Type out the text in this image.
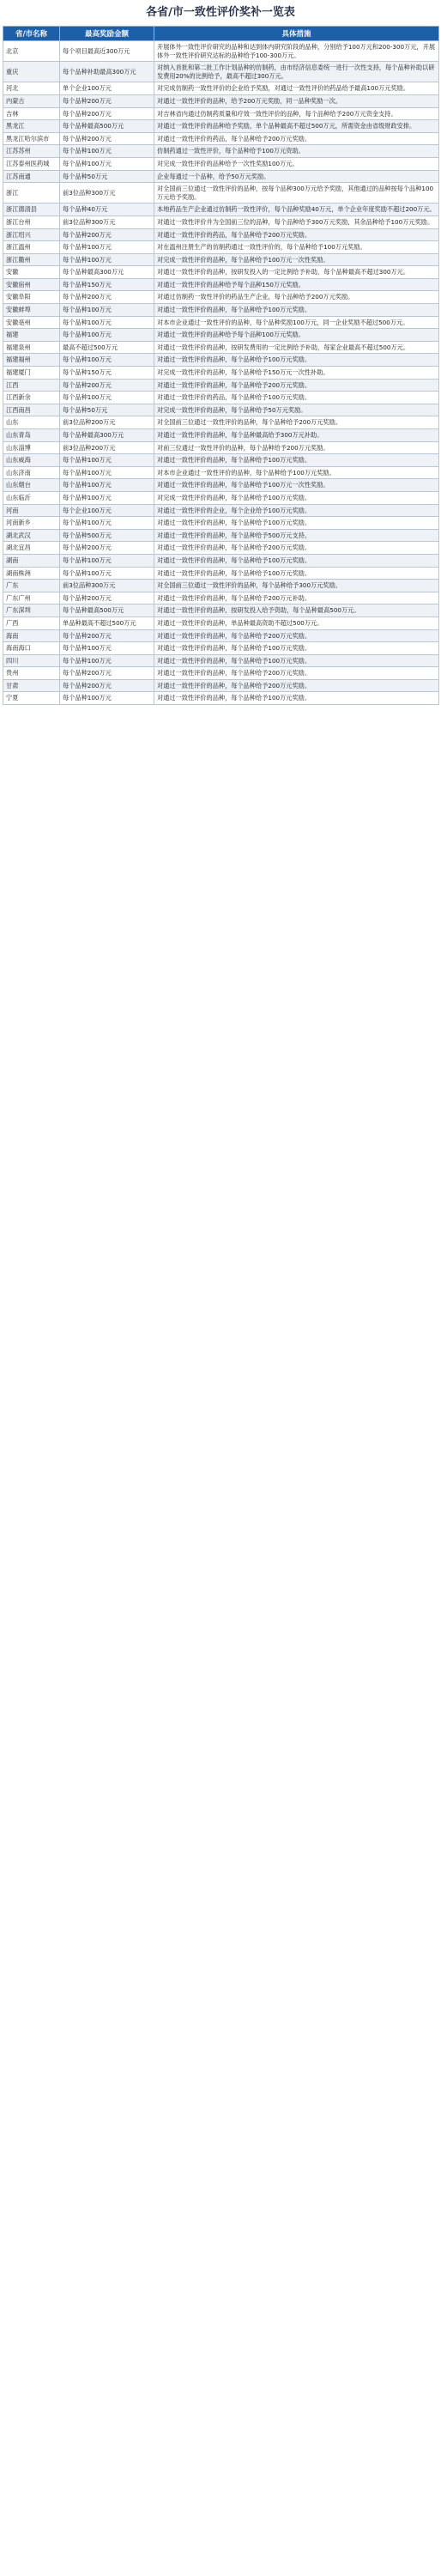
各省/市一致性评价奖补一览表
省/市名称	最高奖励金额	具体措施
北京	每个项目最高近300万元	开展体外一致性评价研究的品种和达到体内研究阶段的品种，分别给予100万元和200-300万元，开展体外一致性评价研究达标的品种给予100-300万元。
重庆	每个品种补助最高300万元	对纳入首批和第二批工作计划品种的仿制药，由市经济信息委统一进行一次性支持，每个品种补助以研发费用20%的比例给予，最高不超过300万元。
河北	单个企业100万元	对完成仿制药一致性评价的企业给予奖励，对通过一致性评价的药品给予最高100万元奖励。
内蒙古	每个品种200万元	对通过一致性评价的品种，给予200万元奖励，同一品种奖励一次。
吉林	每个品种200万元	对吉林省内通过仿制药质量和疗效一致性评价的品种，每个品种给予200万元资金支持。
黑龙江	每个品种最高500万元	对通过一致性评价的品种给予奖励，单个品种最高不超过500万元，所需资金由省级财政安排。
黑龙江哈尔滨市	每个品种200万元	对通过一致性评价的药品，每个品种给予200万元奖励。
江苏苏州	每个品种100万元	仿制药通过一致性评价，每个品种给予100万元资助。
江苏泰州医药城	每个品种100万元	对完成一致性评价的品种给予一次性奖励100万元。
江苏南通	每个品种50万元	企业每通过一个品种，给予50万元奖励。
浙江	前3位品种300万元	对全国前三位通过一致性评价的品种，按每个品种300万元给予奖励，其他通过的品种按每个品种100万元给予奖励。
浙江德清县	每个品种40万元	本地药品生产企业通过仿制药一致性评价，每个品种奖励40万元，单个企业年度奖励不超过200万元。
浙江台州	前3位品种300万元	对通过一致性评价并为全国前三位的品种，每个品种给予300万元奖励，其余品种给予100万元奖励。
浙江绍兴	每个品种200万元	对通过一致性评价的药品，每个品种给予200万元奖励。
浙江温州	每个品种100万元	对在温州注册生产的仿制药通过一致性评价的，每个品种给予100万元奖励。
浙江衢州	每个品种100万元	对完成一致性评价的品种，每个品种给予100万元一次性奖励。
安徽	每个品种最高300万元	对通过一致性评价的品种，按研发投入的一定比例给予补助，每个品种最高不超过300万元。
安徽宿州	每个品种150万元	对通过一致性评价的品种给予每个品种150万元奖励。
安徽阜阳	每个品种200万元	对通过仿制药一致性评价的药品生产企业，每个品种给予200万元奖励。
安徽蚌埠	每个品种100万元	对通过一致性评价的品种，每个品种给予100万元奖励。
安徽亳州	每个品种100万元	对本市企业通过一致性评价的品种，每个品种奖励100万元，同一企业奖励不超过500万元。
福建	每个品种100万元	对通过一致性评价的品种给予每个品种100万元奖励。
福建泉州	最高不超过500万元	对通过一致性评价的品种，按研发费用的一定比例给予补助，每家企业最高不超过500万元。
福建福州	每个品种100万元	对通过一致性评价的品种，每个品种给予100万元奖励。
福建厦门	每个品种150万元	对完成一致性评价的品种，每个品种给予150万元一次性补助。
江西	每个品种200万元	对通过一致性评价的品种，每个品种给予200万元奖励。
江西新余	每个品种100万元	对通过一致性评价的药品，每个品种给予100万元奖励。
江西南昌	每个品种50万元	对完成一致性评价的品种，每个品种给予50万元奖励。
山东	前3位品种200万元	对全国前三位通过一致性评价的品种，每个品种给予200万元奖励。
山东青岛	每个品种最高300万元	对通过一致性评价的品种，每个品种最高给予300万元补助。
山东淄博	前3位品种200万元	对前三位通过一致性评价的品种，每个品种给予200万元奖励。
山东威海	每个品种100万元	对通过一致性评价的品种，每个品种给予100万元奖励。
山东济南	每个品种100万元	对本市企业通过一致性评价的品种，每个品种给予100万元奖励。
山东烟台	每个品种100万元	对通过一致性评价的品种，每个品种给予100万元一次性奖励。
山东临沂	每个品种100万元	对完成一致性评价的品种，每个品种给予100万元奖励。
河南	每个企业100万元	对通过一致性评价的企业，每个企业给予100万元奖励。
河南新乡	每个品种100万元	对通过一致性评价的品种，每个品种给予100万元奖励。
湖北武汉	每个品种500万元	对通过一致性评价的品种，每个品种给予500万元支持。
湖北宜昌	每个品种200万元	对通过一致性评价的品种，每个品种给予200万元奖励。
湖南	每个品种100万元	对通过一致性评价的品种，每个品种给予100万元奖励。
湖南株洲	每个品种100万元	对通过一致性评价的品种，每个品种给予100万元奖励。
广东	前3位品种300万元	对全国前三位通过一致性评价的品种，每个品种给予300万元奖励。
广东广州	每个品种200万元	对通过一致性评价的品种，每个品种给予200万元补助。
广东深圳	每个品种最高500万元	对通过一致性评价的品种，按研发投入给予资助，每个品种最高500万元。
广西	单品种最高不超过500万元	对通过一致性评价的品种，单品种最高资助不超过500万元。
海南	每个品种200万元	对通过一致性评价的品种，每个品种给予200万元奖励。
海南海口	每个品种100万元	对通过一致性评价的品种，每个品种给予100万元奖励。
四川	每个品种100万元	对通过一致性评价的品种，每个品种给予100万元奖励。
贵州	每个品种200万元	对通过一致性评价的品种，每个品种给予200万元奖励。
甘肃	每个品种200万元	对通过一致性评价的品种，每个品种给予200万元奖励。
宁夏	每个品种100万元	对通过一致性评价的品种，每个品种给予100万元奖励。
